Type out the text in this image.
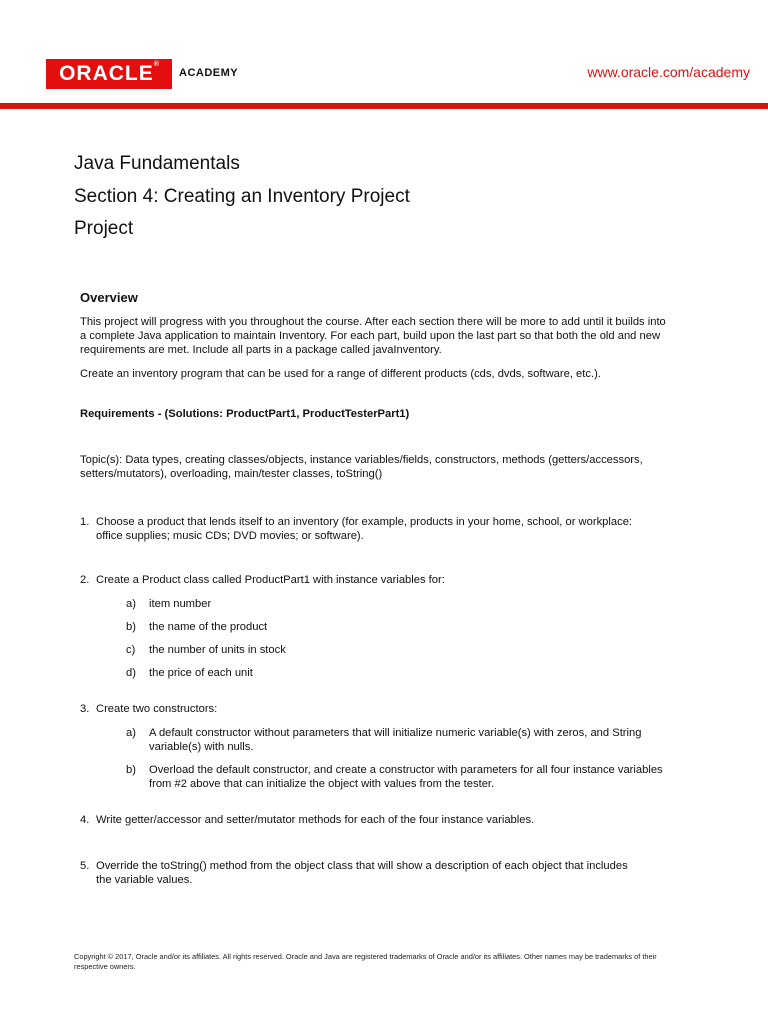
ORACLE®
ACADEMY	www.oracle.com/academy
Java Fundamentals
Section 4: Creating an Inventory Project
Project
Overview

This project will progress with you throughout the course. After each section there will be more to add until it builds into
a complete Java application to maintain Inventory. For each part, build upon the last part so that both the old and new
requirements are met. Include all parts in a package called javaInventory.

Create an inventory program that can be used for a range of different products (cds, dvds, software, etc.).

Requirements - (Solutions: ProductPart1, ProductTesterPart1)

Topic(s): Data types, creating classes/objects, instance variables/fields, constructors, methods (getters/accessors,
setters/mutators), overloading, main/tester classes, toString()

1. Choose a product that lends itself to an inventory (for example, products in your home, school, or workplace:
office supplies; music CDs; DVD movies; or software).
2. Create a Product class called ProductPart1 with instance variables for:
a) item number
b) the name of the product
c) the number of units in stock
d) the price of each unit
3. Create two constructors:
a) A default constructor without parameters that will initialize numeric variable(s) with zeros, and String
variable(s) with nulls.
b) Overload the default constructor, and create a constructor with parameters for all four instance variables
from #2 above that can initialize the object with values from the tester.
4. Write getter/accessor and setter/mutator methods for each of the four instance variables.
5. Override the toString() method from the object class that will show a description of each object that includes
the variable values.
Copyright © 2017, Oracle and/or its affiliates. All rights reserved. Oracle and Java are registered trademarks of Oracle and/or its affiliates. Other names may be trademarks of their
respective owners.
